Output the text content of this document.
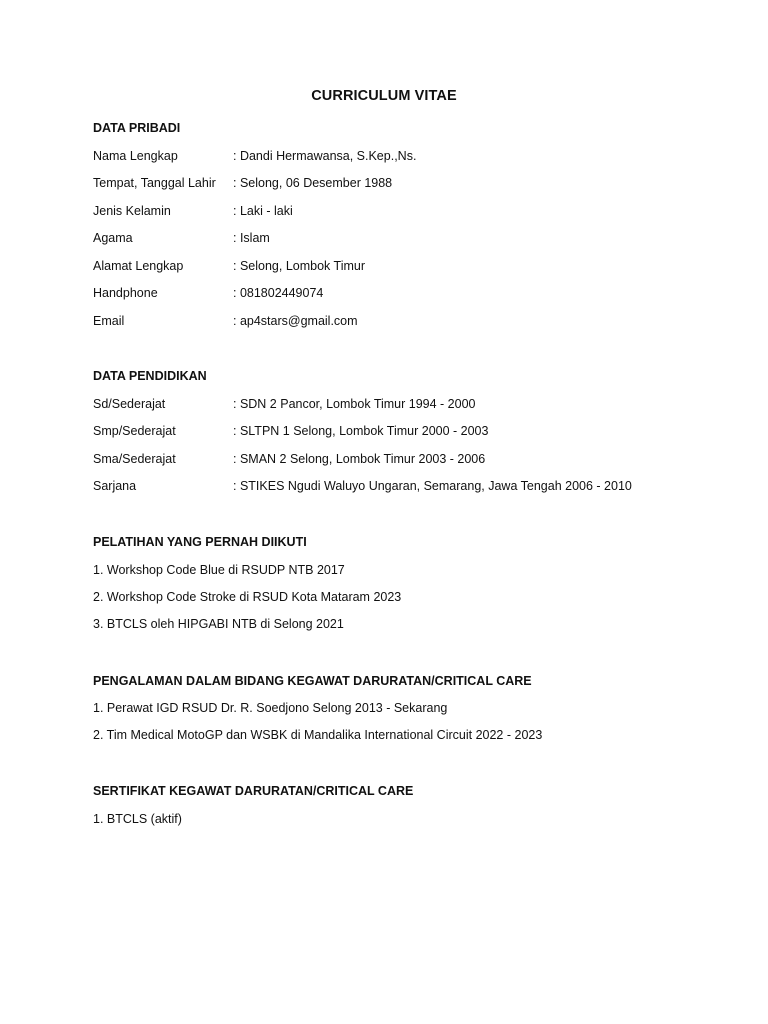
CURRICULUM VITAE
DATA PRIBADI
Nama Lengkap	: Dandi Hermawansa, S.Kep.,Ns.
Tempat, Tanggal Lahir : Selong, 06 Desember 1988
Jenis Kelamin	: Laki - laki
Agama	: Islam
Alamat Lengkap	: Selong, Lombok Timur
Handphone	: 081802449074
Email	: ap4stars@gmail.com
DATA PENDIDIKAN
Sd/Sederajat	: SDN 2 Pancor, Lombok Timur 1994 - 2000
Smp/Sederajat	: SLTPN 1 Selong, Lombok Timur 2000 - 2003
Sma/Sederajat	: SMAN 2 Selong, Lombok Timur 2003 - 2006
Sarjana	: STIKES Ngudi Waluyo Ungaran, Semarang, Jawa Tengah 2006 - 2010
PELATIHAN YANG PERNAH DIIKUTI
1. Workshop Code Blue di RSUDP NTB 2017
2. Workshop Code Stroke di RSUD Kota Mataram 2023
3. BTCLS oleh HIPGABI NTB di Selong 2021
PENGALAMAN DALAM BIDANG KEGAWAT DARURATAN/CRITICAL CARE
1. Perawat IGD RSUD Dr. R. Soedjono Selong 2013 - Sekarang
2. Tim Medical MotoGP dan WSBK di Mandalika International Circuit 2022 - 2023
SERTIFIKAT KEGAWAT DARURATAN/CRITICAL CARE
1. BTCLS (aktif)
